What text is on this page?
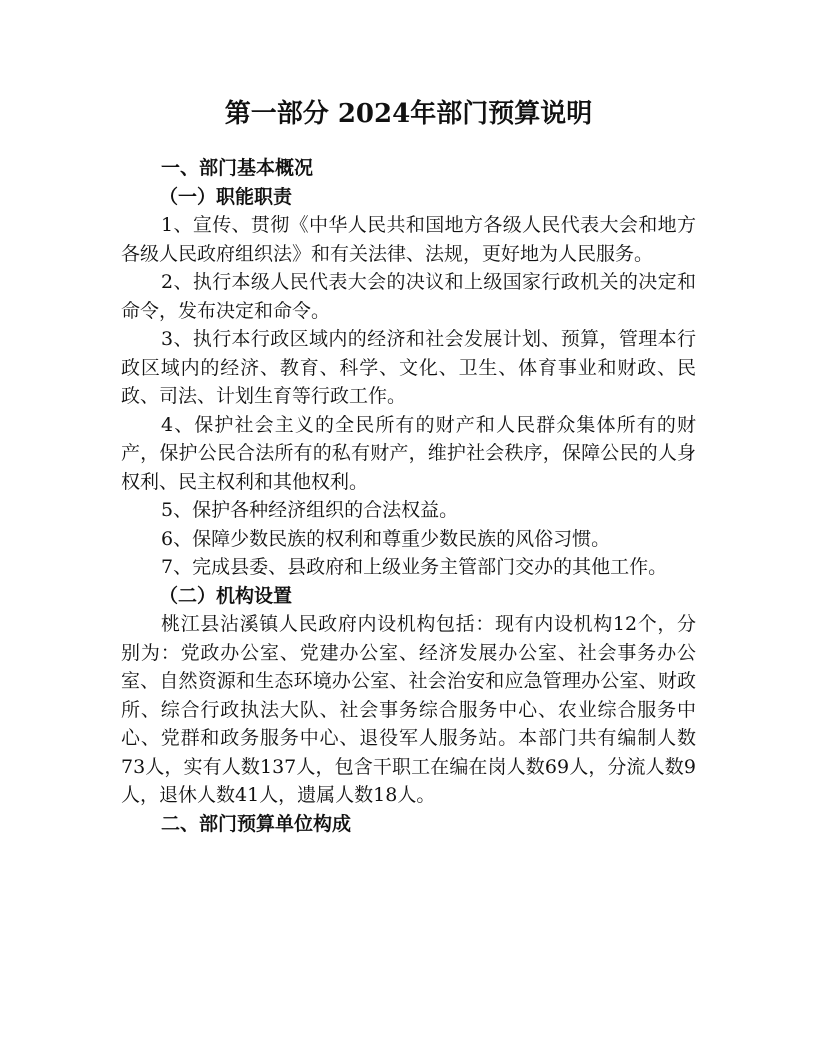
第一部分 2024年部门预算说明

一、部门基本概况

（一）职能职责

1、宣传、贯彻《中华人民共和国地方各级人民代表大会和地方各级人民政府组织法》和有关法律、法规，更好地为人民服务。

2、执行本级人民代表大会的决议和上级国家行政机关的决定和命令，发布决定和命令。

3、执行本行政区域内的经济和社会发展计划、预算，管理本行政区域内的经济、教育、科学、文化、卫生、体育事业和财政、民政、司法、计划生育等行政工作。

4、保护社会主义的全民所有的财产和人民群众集体所有的财产，保护公民合法所有的私有财产，维护社会秩序，保障公民的人身权利、民主权利和其他权利。

5、保护各种经济组织的合法权益。

6、保障少数民族的权利和尊重少数民族的风俗习惯。

7、完成县委、县政府和上级业务主管部门交办的其他工作。

（二）机构设置

桃江县沾溪镇人民政府内设机构包括：现有内设机构12个，分别为：党政办公室、党建办公室、经济发展办公室、社会事务办公室、自然资源和生态环境办公室、社会治安和应急管理办公室、财政所、综合行政执法大队、社会事务综合服务中心、农业综合服务中心、党群和政务服务中心、退役军人服务站。本部门共有编制人数73人，实有人数137人，包含干职工在编在岗人数69人，分流人数9人，退休人数41人，遗属人数18人。

二、部门预算单位构成
